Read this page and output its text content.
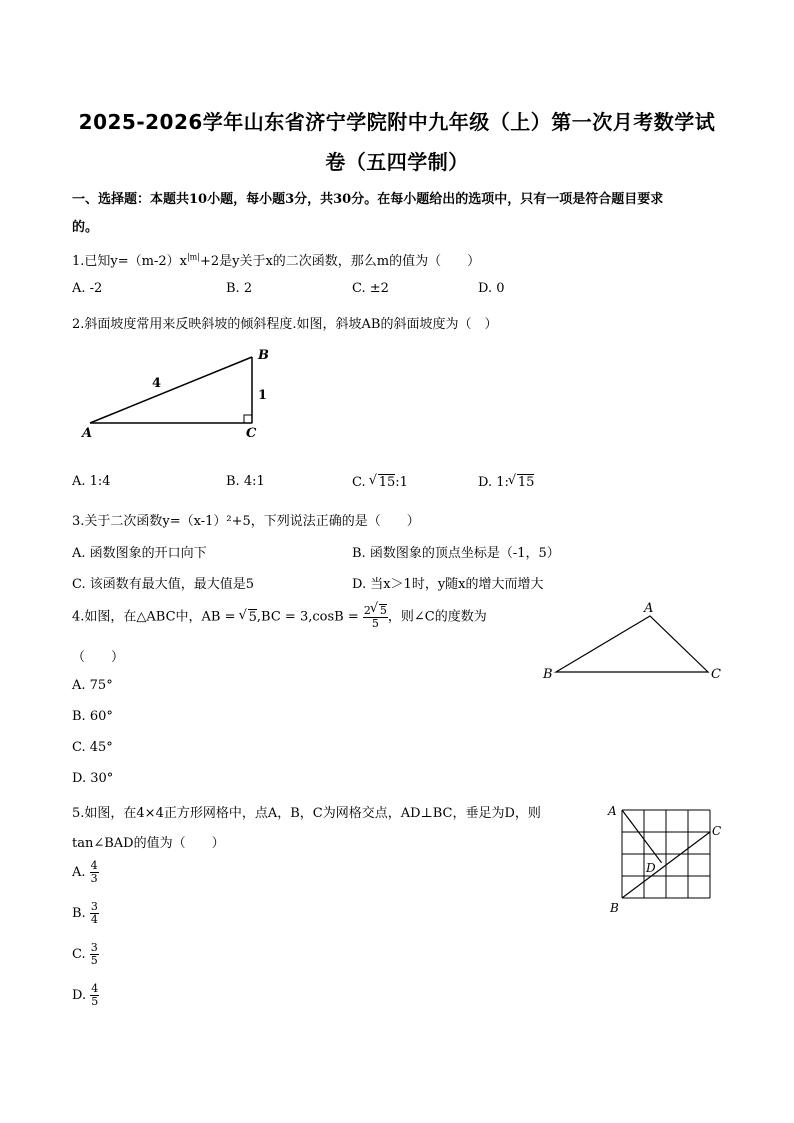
2025-2026学年山东省济宁学院附中九年级（上）第一次月考数学试
卷（五四学制）
一、选择题：本题共10小题，每小题3分，共30分。在每小题给出的选项中，只有一项是符合题目要求
的。
1.已知$y=(m-2)x^{|m|}+2$是y关于x的二次函数，那么m的值为（　　）
A. -2	B. 2	C. ±2	D. 0
2.斜面坡度常用来反映斜坡的倾斜程度.如图，斜坡AB的斜面坡度为（　）
A
B
C
4
1
A. 1:4	B. 4:1	C. √ 15:1	D. 1: √ 15
3.关于二次函数y=（x-1）²+5，下列说法正确的是（　　）
A. 函数图象的开口向下	B. 函数图象的顶点坐标是（-1，5）
C. 该函数有最大值，最大值是5	D. 当x＞1时，y随x的增大而增大
4.如图，在△ABC中，AB = √ $5,BC = 3,\cos B = \frac{2 √ 5}{5}$ ，则∠C的度数为
（　　）
A. 75°
B. 60°
C. 45°
D. 30°
A
B	C
5.如图，在4×4正方形网格中，点A，B，C为网格交点，AD⊥BC，垂足为D，则
tan∠BAD的值为（　　）
A. $\frac{4}{3}$
B. $\frac{3}{4}$
C. $\frac{3}{5}$
D. $\frac{4}{5}$
A
B
C
D
